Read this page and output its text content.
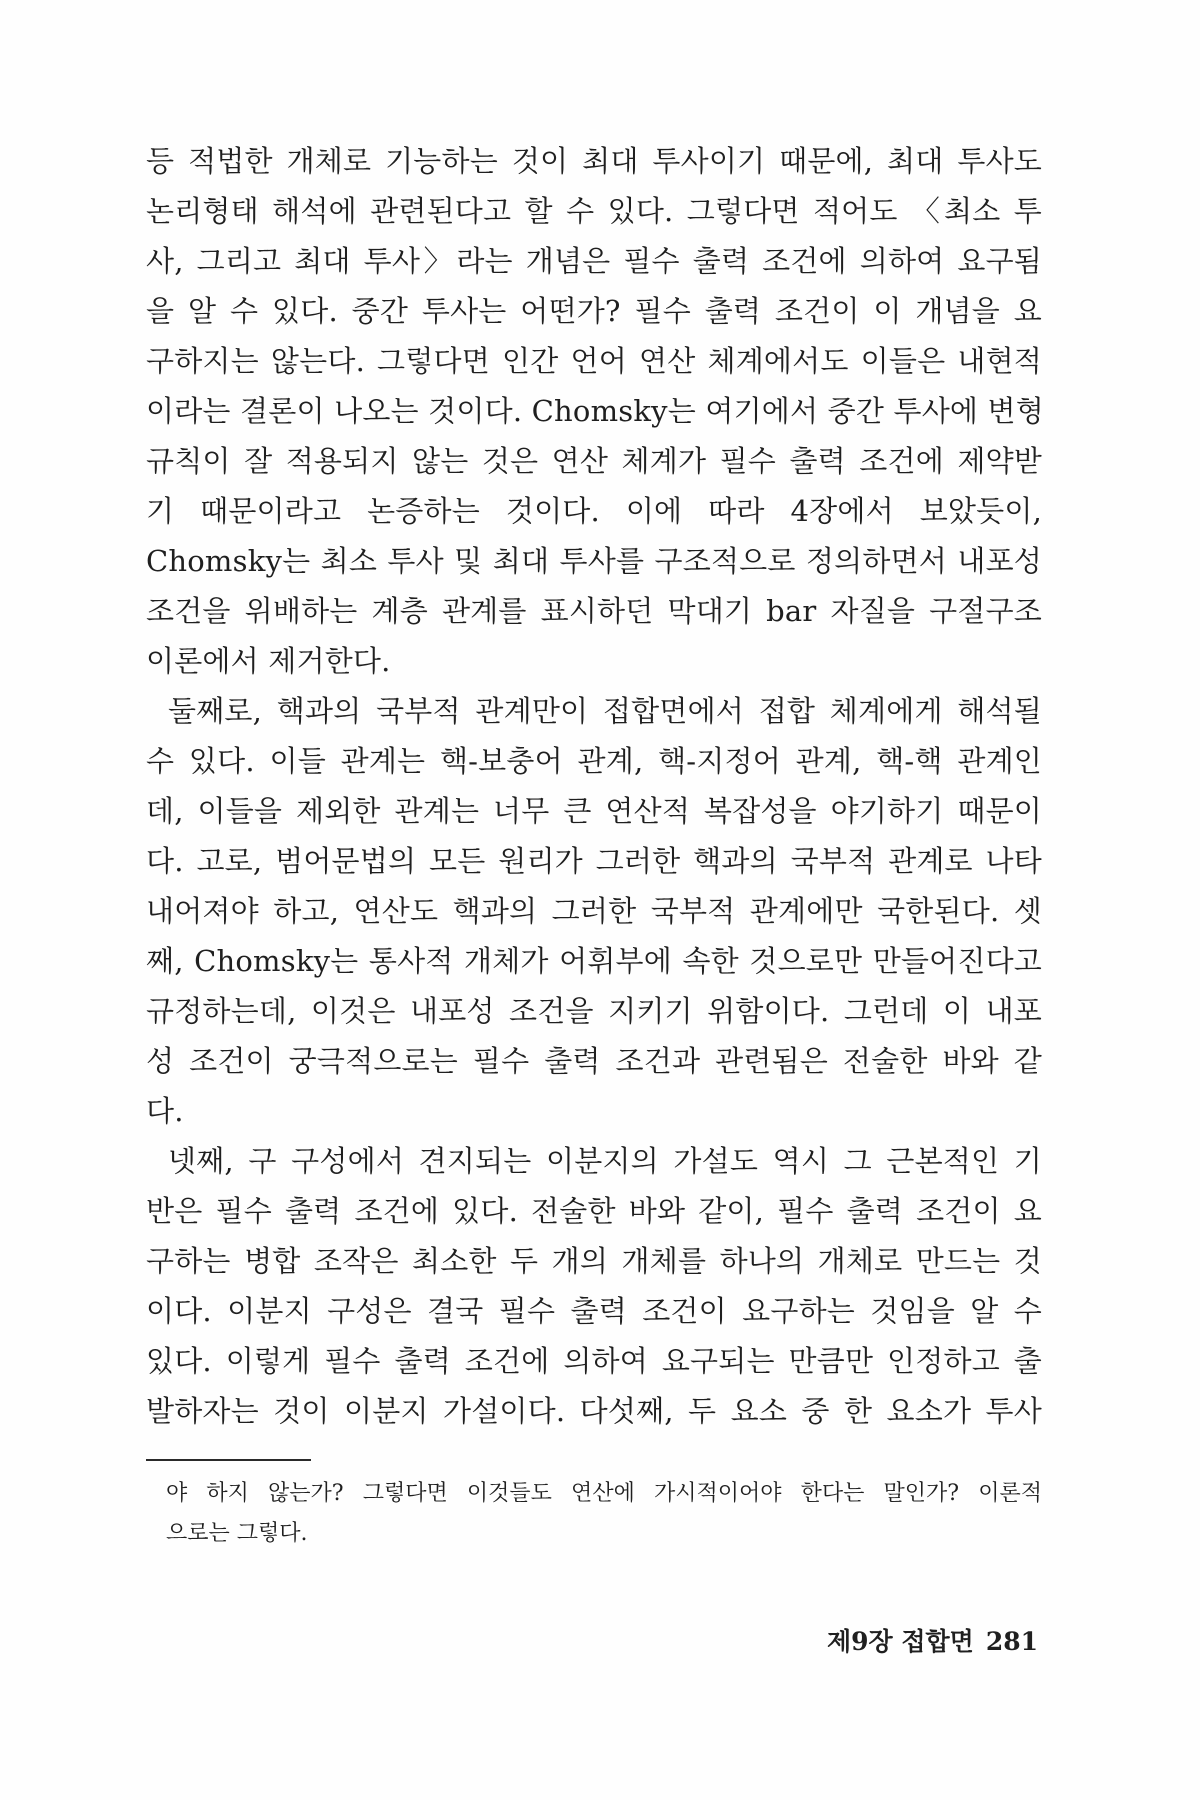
등 적법한 개체로 기능하는 것이 최대 투사이기 때문에, 최대 투사도
논리형태 해석에 관련된다고 할 수 있다. 그렇다면 적어도 〈최소 투
사, 그리고 최대 투사〉라는 개념은 필수 출력 조건에 의하여 요구됨
을 알 수 있다. 중간 투사는 어떤가? 필수 출력 조건이 이 개념을 요
구하지는 않는다. 그렇다면 인간 언어 연산 체계에서도 이들은 내현적
이라는 결론이 나오는 것이다. Chomsky는 여기에서 중간 투사에 변형
규칙이 잘 적용되지 않는 것은 연산 체계가 필수 출력 조건에 제약받
기 때문이라고 논증하는 것이다. 이에 따라 4장에서 보았듯이,
Chomsky는 최소 투사 및 최대 투사를 구조적으로 정의하면서 내포성
조건을 위배하는 계층 관계를 표시하던 막대기 bar 자질을 구절구조
이론에서 제거한다.
둘째로, 핵과의 국부적 관계만이 접합면에서 접합 체계에게 해석될
수 있다. 이들 관계는 핵-보충어 관계, 핵-지정어 관계, 핵-핵 관계인
데, 이들을 제외한 관계는 너무 큰 연산적 복잡성을 야기하기 때문이
다. 고로, 범어문법의 모든 원리가 그러한 핵과의 국부적 관계로 나타
내어져야 하고, 연산도 핵과의 그러한 국부적 관계에만 국한된다. 셋
째, Chomsky는 통사적 개체가 어휘부에 속한 것으로만 만들어진다고
규정하는데, 이것은 내포성 조건을 지키기 위함이다. 그런데 이 내포
성 조건이 궁극적으로는 필수 출력 조건과 관련됨은 전술한 바와 같
다.
넷째, 구 구성에서 견지되는 이분지의 가설도 역시 그 근본적인 기
반은 필수 출력 조건에 있다. 전술한 바와 같이, 필수 출력 조건이 요
구하는 병합 조작은 최소한 두 개의 개체를 하나의 개체로 만드는 것
이다. 이분지 구성은 결국 필수 출력 조건이 요구하는 것임을 알 수
있다. 이렇게 필수 출력 조건에 의하여 요구되는 만큼만 인정하고 출
발하자는 것이 이분지 가설이다. 다섯째, 두 요소 중 한 요소가 투사
야 하지 않는가? 그렇다면 이것들도 연산에 가시적이어야 한다는 말인가? 이론적
으로는 그렇다.
제9장 접합면 281
